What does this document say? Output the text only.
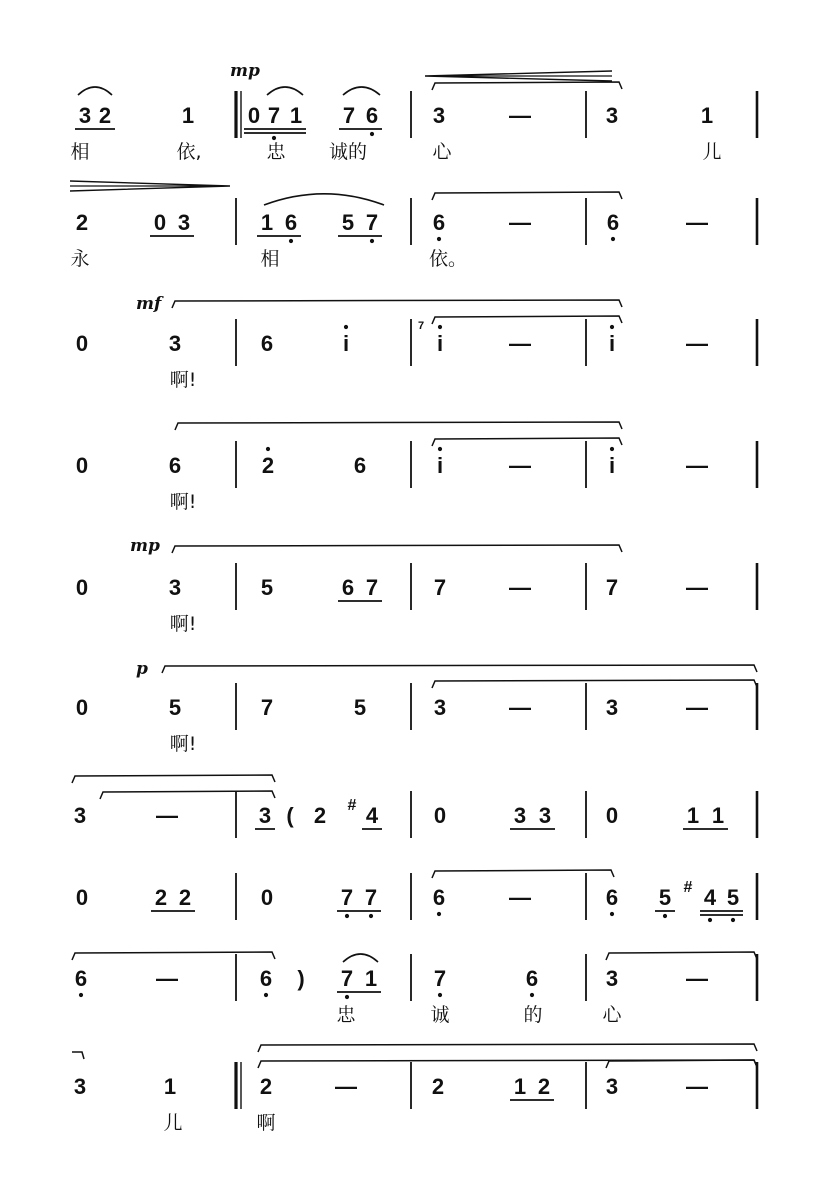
3 2	1 0 7 1 7 6 3	—	3	1
相	依,	忠 诚的	心	儿
mp
2	0 3	1 6 5 7 6	—	6	—
永	相	依。
0	3	6	i	i	—	i	—
啊!
mf
7
0	6	2	6	i	—	i	—
啊!
0	3	5	6 7	7	—	7	—
啊!
mp
0	5	7	5	3	—	3	—
啊!
p
3	—	3 ( 2 # 4	0	3 3 0	1 1
0	2 2	0	7 7	6	—	6 5 # 4 5
6	—	6 ) 7 1	7	6	3	—
忠	诚	的	心
3	1	2	—	2	1 2	3	—
儿	啊
